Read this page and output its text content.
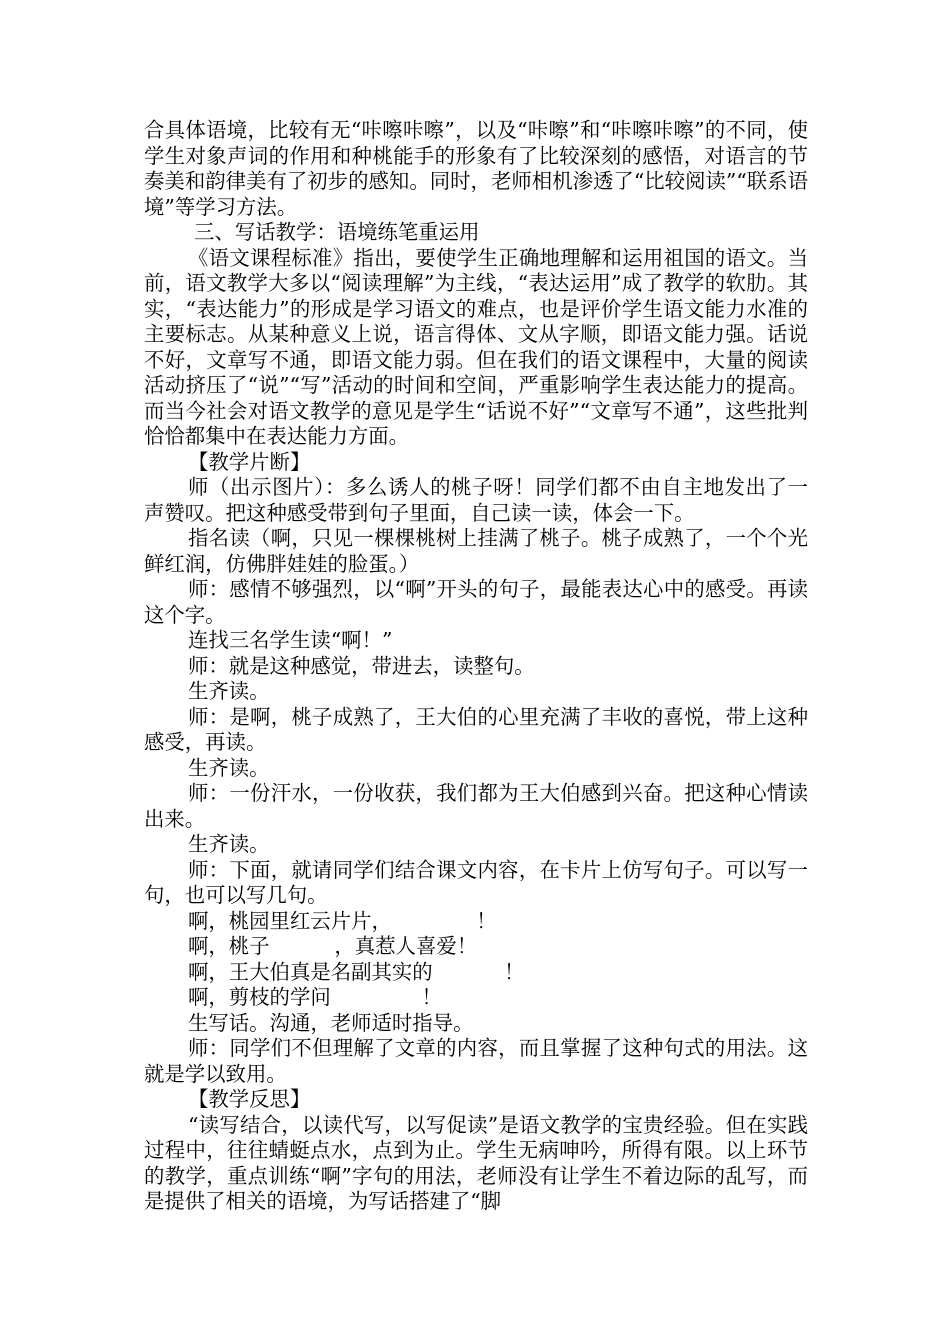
合具体语境，比较有无“咔嚓咔嚓”，以及“咔嚓”和“咔嚓咔嚓”的不同，使学生对象声词的作用和种桃能手的形象有了比较深刻的感悟，对语言的节奏美和韵律美有了初步的感知。同时，老师相机渗透了“比较阅读”“联系语境”等学习方法。

三、写话教学：语境练笔重运用

《语文课程标准》指出，要使学生正确地理解和运用祖国的语文。当前，语文教学大多以“阅读理解”为主线，“表达运用”成了教学的软肋。其实，“表达能力”的形成是学习语文的难点，也是评价学生语文能力水准的主要标志。从某种意义上说，语言得体、文从字顺，即语文能力强。话说不好，文章写不通，即语文能力弱。但在我们的语文课程中，大量的阅读活动挤压了“说”“写”活动的时间和空间，严重影响学生表达能力的提高。而当今社会对语文教学的意见是学生“话说不好”“文章写不通”，这些批判恰恰都集中在表达能力方面。

【教学片断】

师（出示图片）：多么诱人的桃子呀！同学们都不由自主地发出了一声赞叹。把这种感受带到句子里面，自己读一读，体会一下。

指名读（啊，只见一棵棵桃树上挂满了桃子。桃子成熟了，一个个光鲜红润，仿佛胖娃娃的脸蛋。）

师：感情不够强烈，以“啊”开头的句子，最能表达心中的感受。再读这个字。

连找三名学生读“啊！”

师：就是这种感觉，带进去，读整句。

生齐读。

师：是啊，桃子成熟了，王大伯的心里充满了丰收的喜悦，带上这种感受，再读。

生齐读。

师：一份汗水，一份收获，我们都为王大伯感到兴奋。把这种心情读出来。

生齐读。

师：下面，就请同学们结合课文内容，在卡片上仿写句子。可以写一句，也可以写几句。

啊，桃园里红云片片，             ！

啊，桃子          ，真惹人喜爱！

啊，王大伯真是名副其实的           ！

啊，剪枝的学问              ！

生写话。沟通，老师适时指导。

师：同学们不但理解了文章的内容，而且掌握了这种句式的用法。这就是学以致用。

【教学反思】

“读写结合，以读代写，以写促读”是语文教学的宝贵经验。但在实践过程中，往往蜻蜓点水，点到为止。学生无病呻吟，所得有限。以上环节的教学，重点训练“啊”字句的用法，老师没有让学生不着边际的乱写，而是提供了相关的语境，为写话搭建了“脚
